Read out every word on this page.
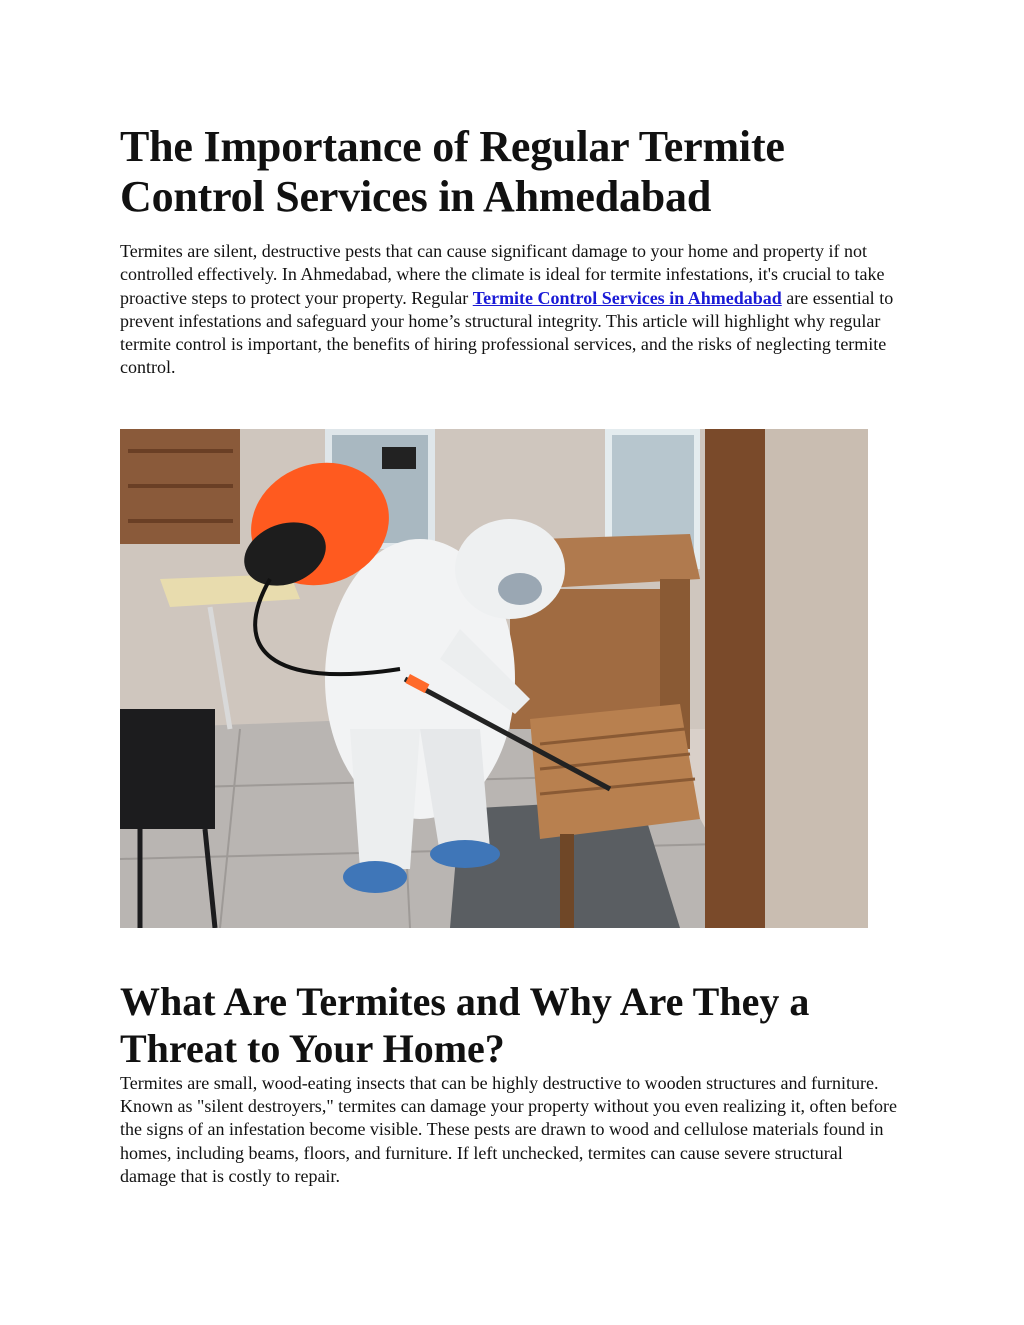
The Importance of Regular Termite Control Services in Ahmedabad

Termites are silent, destructive pests that can cause significant damage to your home and property if not controlled effectively. In Ahmedabad, where the climate is ideal for termite infestations, it's crucial to take proactive steps to protect your property. Regular Termite Control Services in Ahmedabad are essential to prevent infestations and safeguard your home’s structural integrity. This article will highlight why regular termite control is important, the benefits of hiring professional services, and the risks of neglecting termite control.

What Are Termites and Why Are They a Threat to Your Home?

Termites are small, wood-eating insects that can be highly destructive to wooden structures and furniture. Known as "silent destroyers," termites can damage your property without you even realizing it, often before the signs of an infestation become visible. These pests are drawn to wood and cellulose materials found in homes, including beams, floors, and furniture. If left unchecked, termites can cause severe structural damage that is costly to repair.
